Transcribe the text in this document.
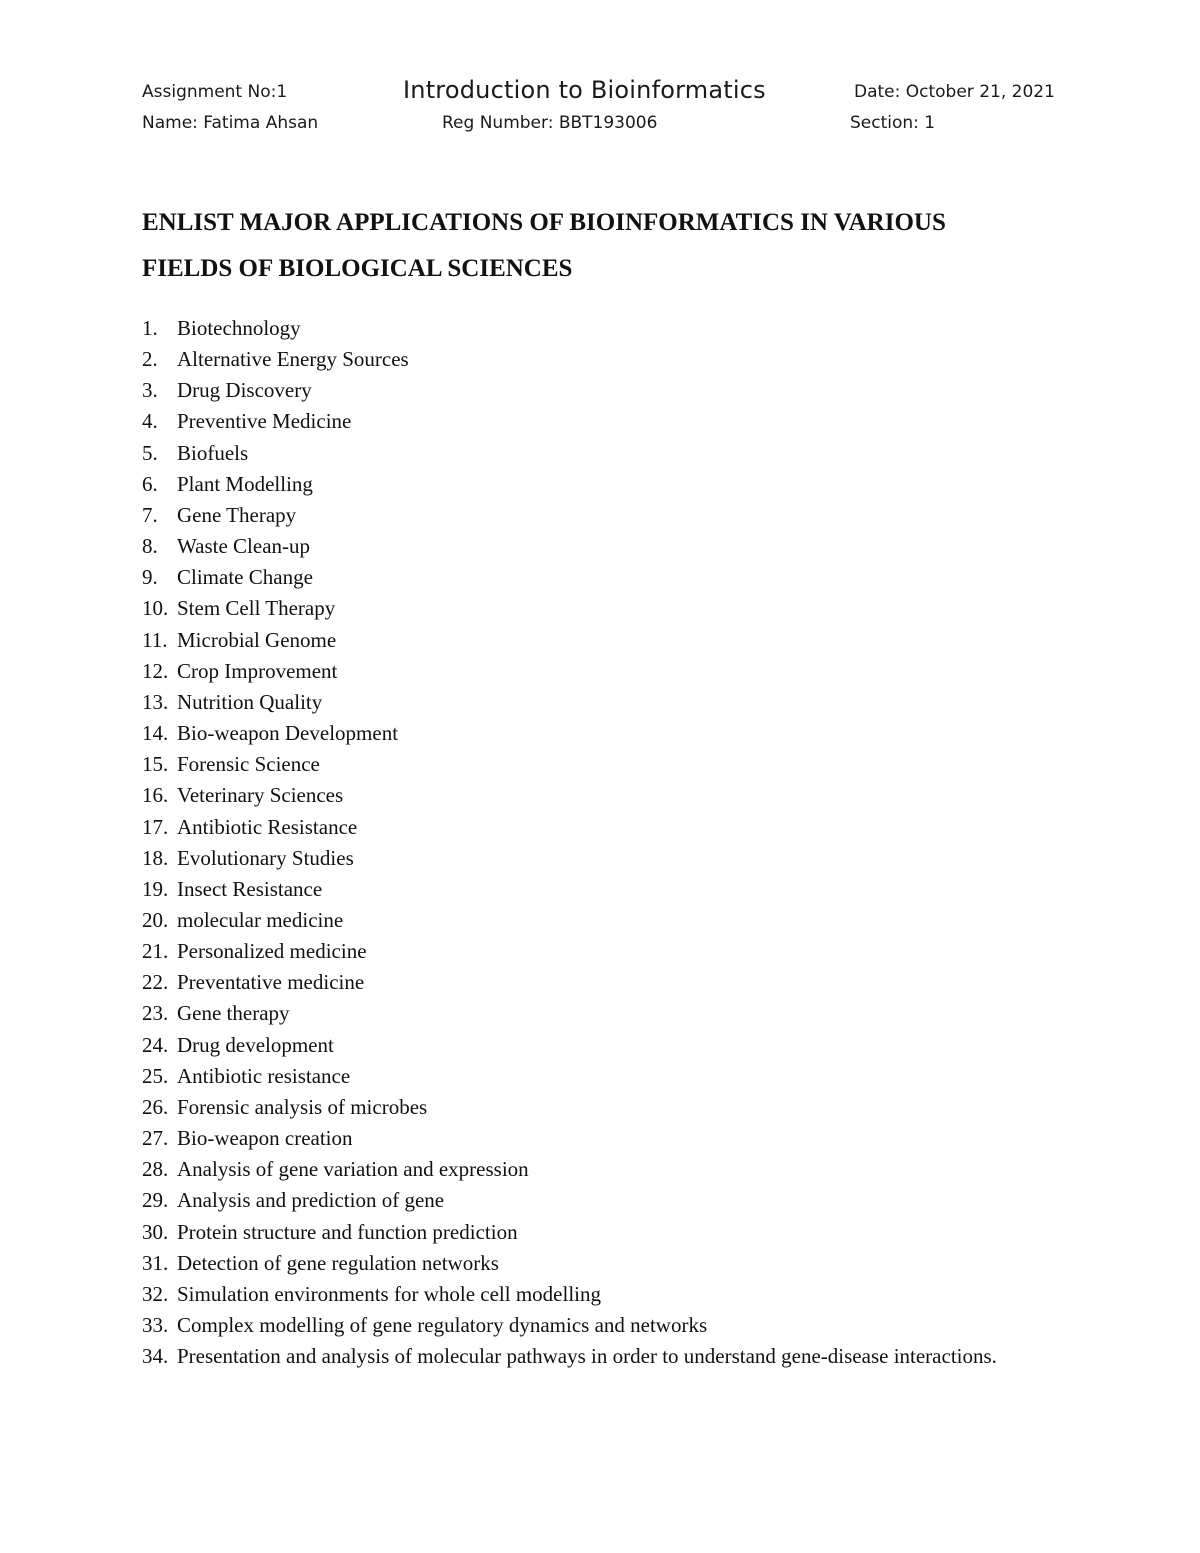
Assignment No:1	Introduction to Bioinformatics	Date: October 21, 2021
Name: Fatima Ahsan	Reg Number: BBT193006	Section: 1
ENLIST MAJOR APPLICATIONS OF BIOINFORMATICS IN VARIOUS
FIELDS OF BIOLOGICAL SCIENCES
1. Biotechnology
2. Alternative Energy Sources
3. Drug Discovery
4. Preventive Medicine
5. Biofuels
6. Plant Modelling
7. Gene Therapy
8. Waste Clean-up
9. Climate Change
10. Stem Cell Therapy
11. Microbial Genome
12. Crop Improvement
13. Nutrition Quality
14. Bio-weapon Development
15. Forensic Science
16. Veterinary Sciences
17. Antibiotic Resistance
18. Evolutionary Studies
19. Insect Resistance
20. molecular medicine
21. Personalized medicine
22. Preventative medicine
23. Gene therapy
24. Drug development
25. Antibiotic resistance
26. Forensic analysis of microbes
27. Bio-weapon creation
28. Analysis of gene variation and expression
29. Analysis and prediction of gene
30. Protein structure and function prediction
31. Detection of gene regulation networks
32. Simulation environments for whole cell modelling
33. Complex modelling of gene regulatory dynamics and networks
34. Presentation and analysis of molecular pathways in order to understand gene-disease interactions.
